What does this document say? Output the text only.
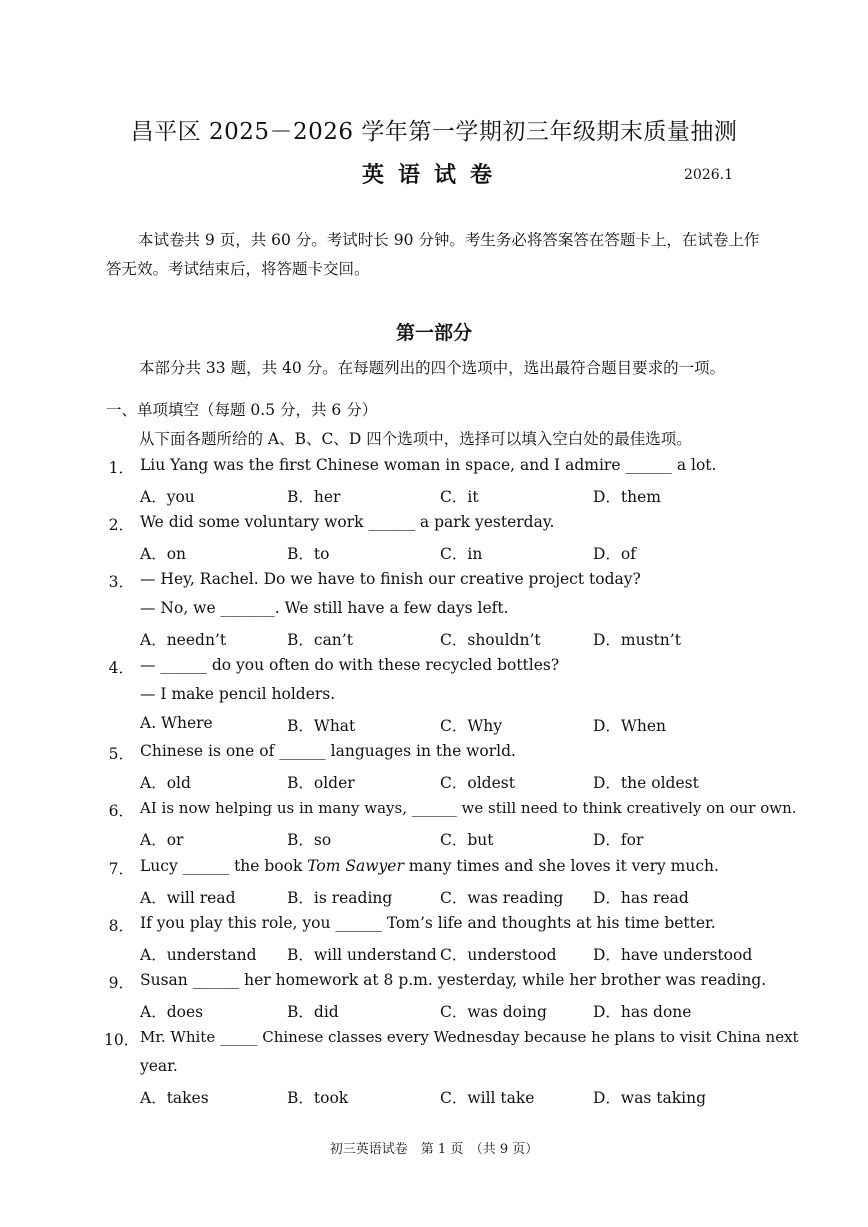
昌平区 2025－2026 学年第一学期初三年级期末质量抽测
英语试卷	2026.1
本试卷共 9 页，共 60 分。考试时长 90 分钟。考生务必将答案答在答题卡上，在试卷上作答无效。考试结束后，将答题卡交回。
第一部分
本部分共 33 题，共 40 分。在每题列出的四个选项中，选出最符合题目要求的一项。
一、单项填空（每题 0.5 分，共 6 分）
从下面各题所给的 A、B、C、D 四个选项中，选择可以填入空白处的最佳选项。
1． Liu Yang was the first Chinese woman in space, and I admire ______ a lot.
A．you	B．her	C．it	D．them
2． We did some voluntary work ______ a park yesterday.
A．on	B．to	C．in	D．of
3． — Hey, Rachel. Do we have to finish our creative project today?
— No, we _______. We still have a few days left.
A．needn’t	B．can’t	C．shouldn’t	D．mustn’t
4． — ______ do you often do with these recycled bottles?
— I make pencil holders.
A. Where	B．What	C．Why	D．When
5． Chinese is one of ______ languages in the world.
A．old	B．older	C．oldest	D．the oldest
6． AI is now helping us in many ways, ______ we still need to think creatively on our own.
A．or	B．so	C．but	D．for
7． Lucy ______ the book Tom Sawyer many times and she loves it very much.
A．will read	B．is reading	C．was reading D．has read
8． If you play this role, you ______ Tom’s life and thoughts at his time better.
A．understand B．will understand C．understood D．have understood
9． Susan ______ her homework at 8 p.m. yesterday, while her brother was reading.
A．does	B．did	C．was doing	D．has done
10． Mr. White _____ Chinese classes every Wednesday because he plans to visit China next
year.
A．takes	B．took	C．will take	D．was taking
初三英语试卷　第 1 页　（共 9 页）
